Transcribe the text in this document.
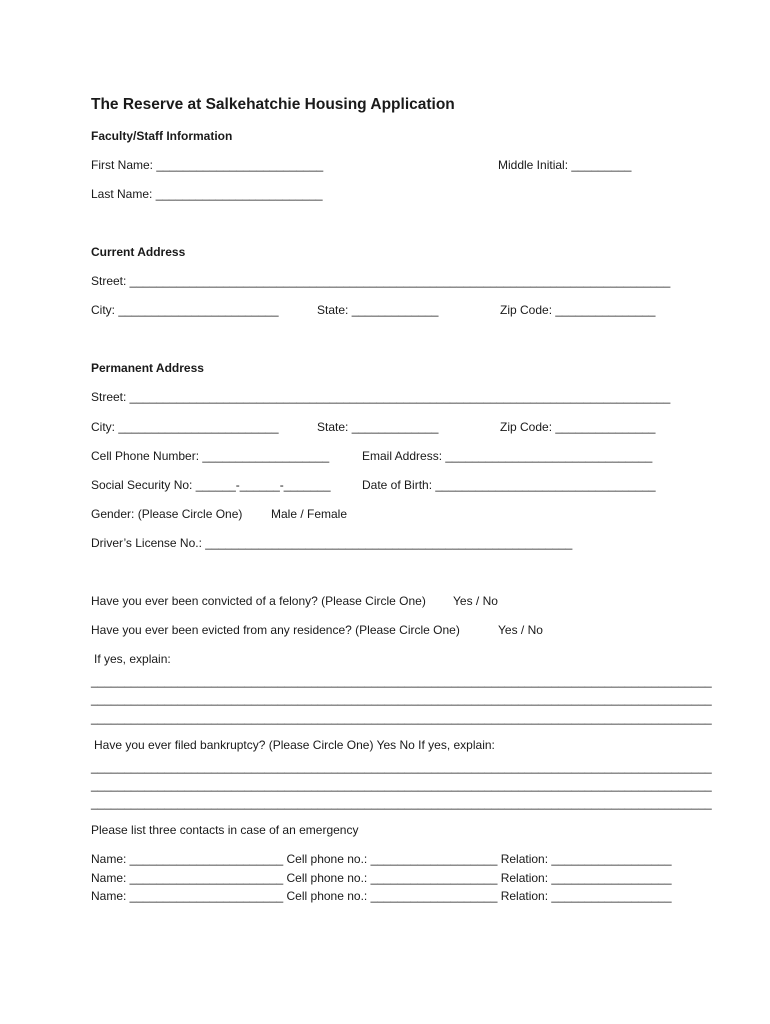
The Reserve at Salkehatchie Housing Application
Faculty/Staff Information
First Name: _________________________	Middle Initial: _________
Last Name: _________________________
Current Address
Street: _________________________________________________________________________________
City: ________________________	State: _____________	Zip Code: _______________
Permanent Address
Street: _________________________________________________________________________________
City: ________________________	State: _____________	Zip Code: _______________
Cell Phone Number: ___________________	Email Address: _______________________________
Social Security No: ______-______-_______	Date of Birth: _________________________________
Gender: (Please Circle One) Male / Female
Driver’s License No.: _______________________________________________________
Have you ever been convicted of a felony? (Please Circle One) Yes / No
Have you ever been evicted from any residence? (Please Circle One)	Yes / No
If yes, explain:
_____________________________________________________________________________________________
_____________________________________________________________________________________________
_____________________________________________________________________________________________
Have you ever filed bankruptcy? (Please Circle One) Yes No If yes, explain:
_____________________________________________________________________________________________
_____________________________________________________________________________________________
_____________________________________________________________________________________________
Please list three contacts in case of an emergency
Name: _______________________ Cell phone no.: ___________________ Relation: __________________
Name: _______________________ Cell phone no.: ___________________ Relation: __________________
Name: _______________________ Cell phone no.: ___________________ Relation: __________________
